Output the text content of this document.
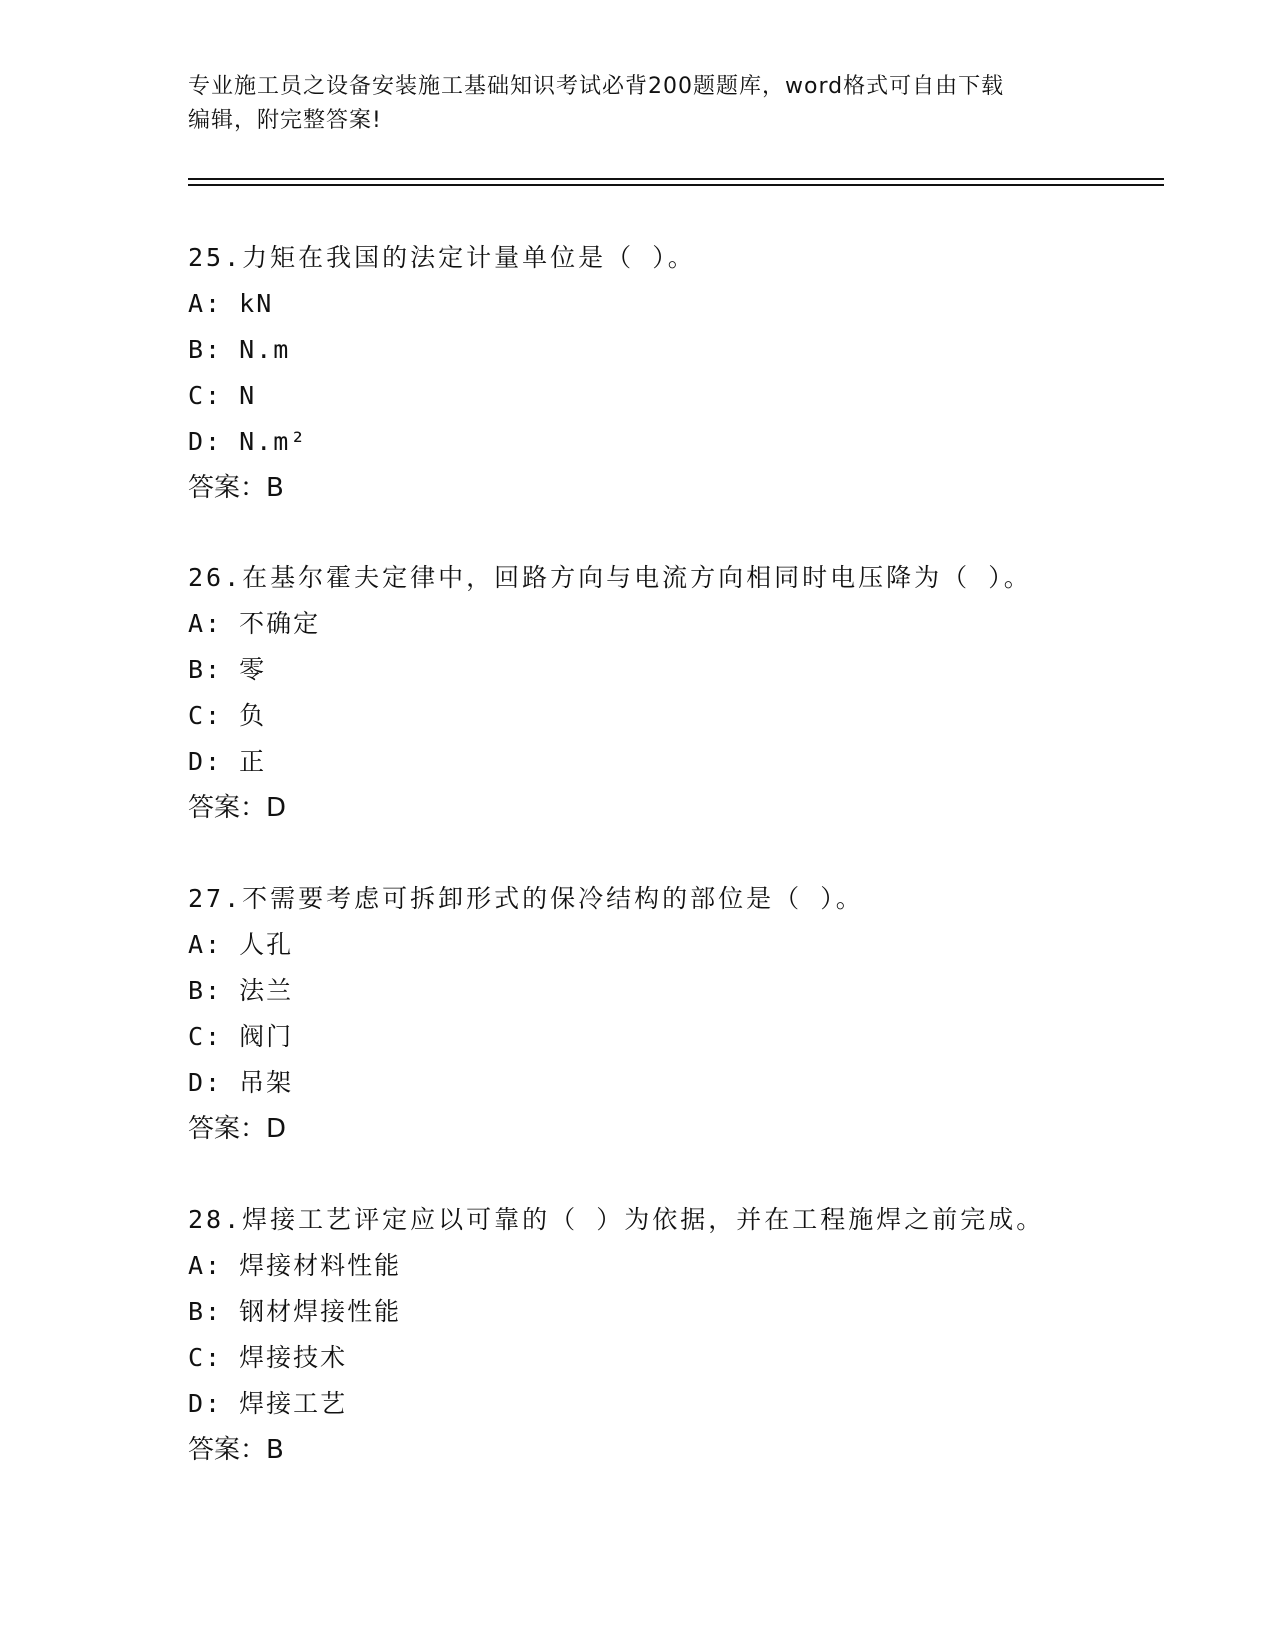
专业施工员之设备安装施工基础知识考试必背200题题库，word格式可自由下载
编辑，附完整答案!
25.力矩在我国的法定计量单位是（ ）。
A: kN
B: N.m
C: N
D: N.m²
答案：B
26.在基尔霍夫定律中，回路方向与电流方向相同时电压降为（ ）。
A: 不确定
B: 零
C: 负
D: 正
答案：D
27.不需要考虑可拆卸形式的保冷结构的部位是（ ）。
A: 人孔
B: 法兰
C: 阀门
D: 吊架
答案：D
28.焊接工艺评定应以可靠的（ ）为依据，并在工程施焊之前完成。
A: 焊接材料性能
B: 钢材焊接性能
C: 焊接技术
D: 焊接工艺
答案：B
